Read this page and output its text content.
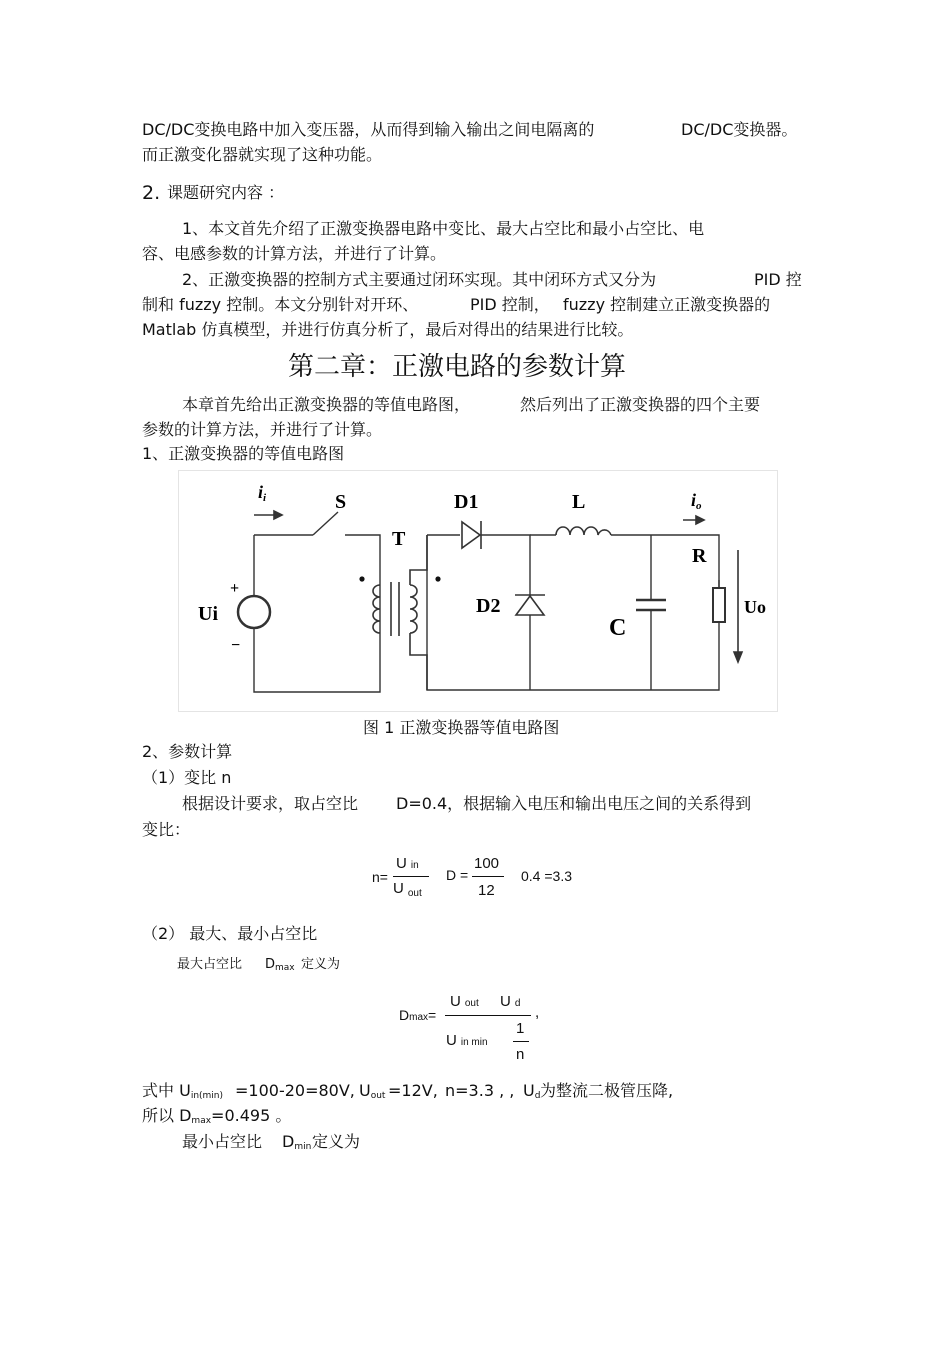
DC/DC变换电路中加入变压器，从而得到输入输出之间电隔离的	DC/DC变换器。
而正激变化器就实现了这种功能。
2. 课题研究内容 ：
1、本文首先介绍了正激变换器电路中变比、最大占空比和最小占空比、电
容、电感参数的计算方法，并进行了计算。
2、正激变换器的控制方式主要通过闭环实现。其中闭环方式又分为	PID 控
制和 fuzzy 控制。本文分别针对开环、	PID 控制， fuzzy 控制建立正激变换器的
Matlab 仿真模型，并进行仿真分析了，最后对得出的结果进行比较。
第二章：正激电路的参数计算
本章首先给出正激变换器的等值电路图，	然后列出了正激变换器的四个主要
参数的计算方法，并进行了计算。
1、正激变换器的等值电路图
ii	S
T
D1	L	io
R
Ui
+
−
D2
C
Uo
图 1 正激变换器等值电路图
2、参数计算
（1）变比 n
根据设计要求，取占空比 D=0.4，根据输入电压和输出电压之间的关系得到
变比：
n=
Uin
U $_{out}$
D =
100
12
0.4 =3.3
（2） 最大、最小占空比
最大占空比 $D_{max}$ 定义为
Dmax=
Uout Ud
,
Uin min
1
n
式中 $U_{in(min)} =100-20=80V$, $U_{out} =12V$, n=3.3 , , $U_d$ 为整流二极管压降,
所以 $D_{max}=0.495$ 。
最小占空比 $D_{min}$ 定义为
